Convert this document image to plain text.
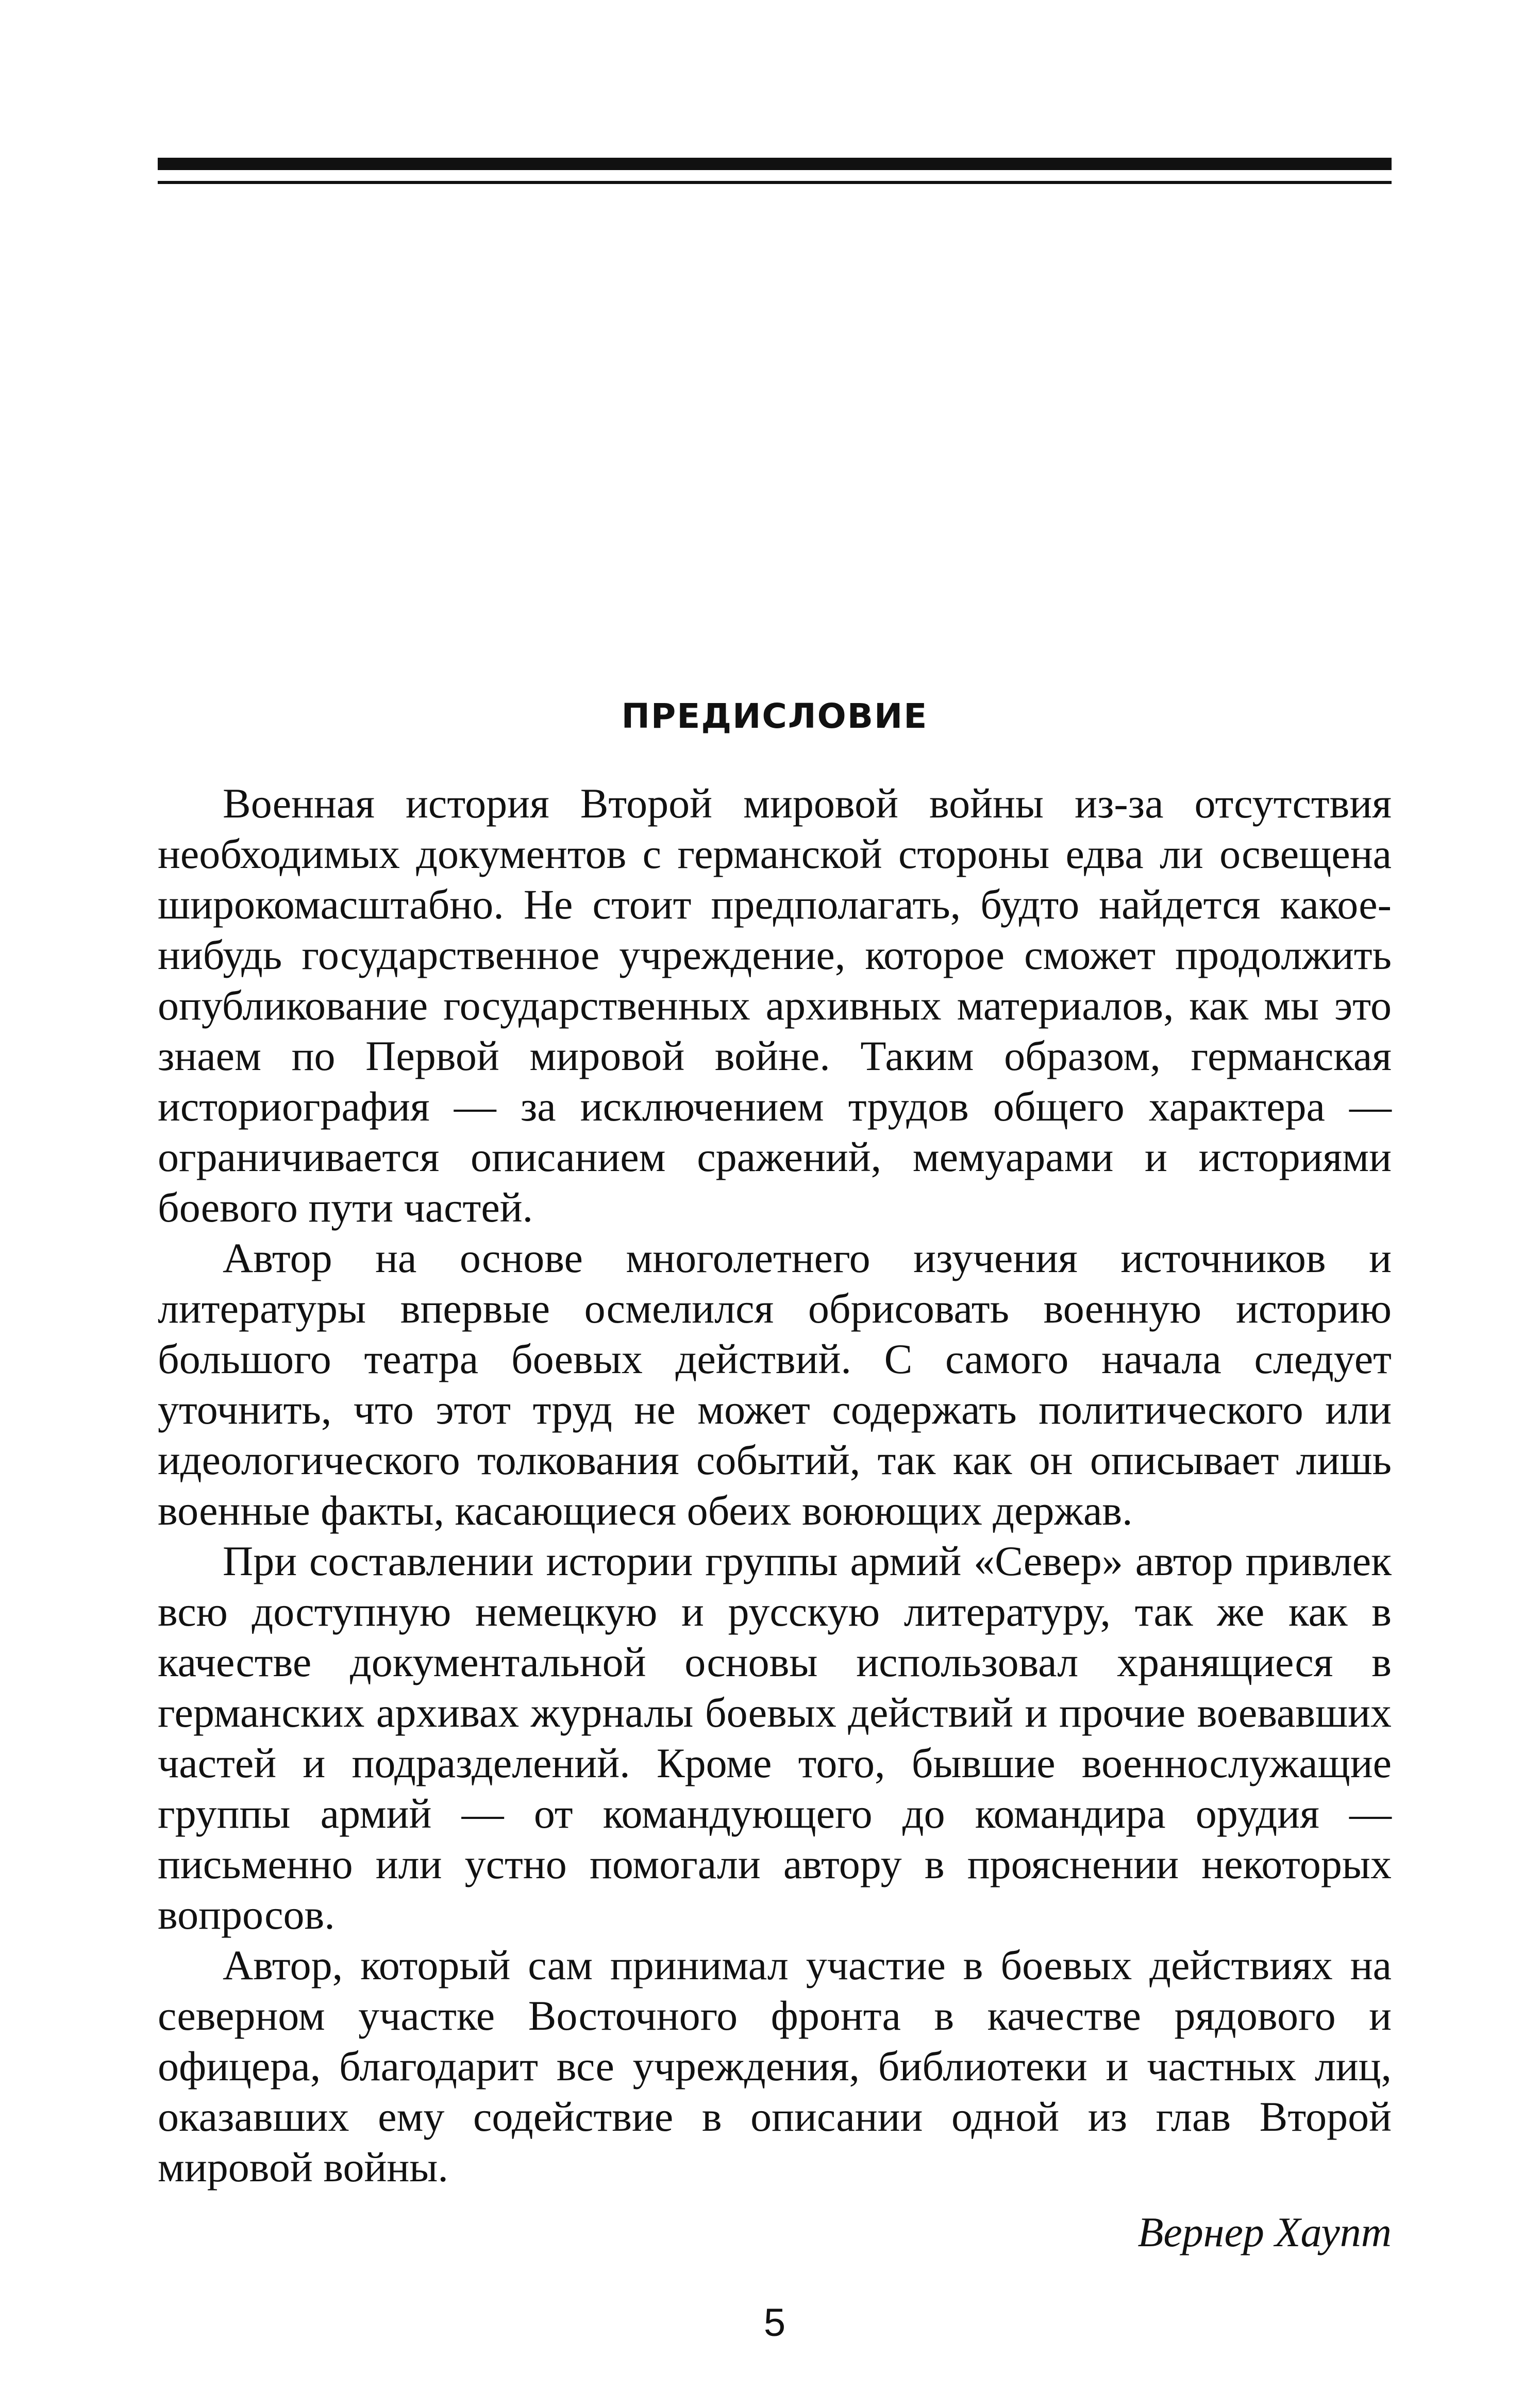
ПРЕДИСЛОВИЕ

Военная история Второй мировой войны из-за отсутствия необходимых документов с германской стороны едва ли освещена широкомасштабно. Не стоит предполагать, будто найдется какое-нибудь государственное учреждение, которое сможет продолжить опубликование государственных архивных материалов, как мы это знаем по Первой мировой войне. Таким образом, германская историография — за исключением трудов общего характера — ограничивается описанием сражений, мемуарами и историями боевого пути частей.

Автор на основе многолетнего изучения источников и литературы впервые осмелился обрисовать военную историю большого театра боевых действий. С самого начала следует уточнить, что этот труд не может содержать политического или идеологического толкования событий, так как он описывает лишь военные факты, касающиеся обеих воюющих держав.

При составлении истории группы армий «Север» автор привлек всю доступную немецкую и русскую литературу, так же как в качестве документальной основы использовал хранящиеся в германских архивах журналы боевых действий и прочие воевавших частей и подразделений. Кроме того, бывшие военнослужащие группы армий — от командующего до командира орудия — письменно или устно помогали автору в прояснении некоторых вопросов.

Автор, который сам принимал участие в боевых действиях на северном участке Восточного фронта в качестве рядового и офицера, благодарит все учреждения, библиотеки и частных лиц, оказавших ему содействие в описании одной из глав Второй мировой войны.

Вернер Хаупт

5
